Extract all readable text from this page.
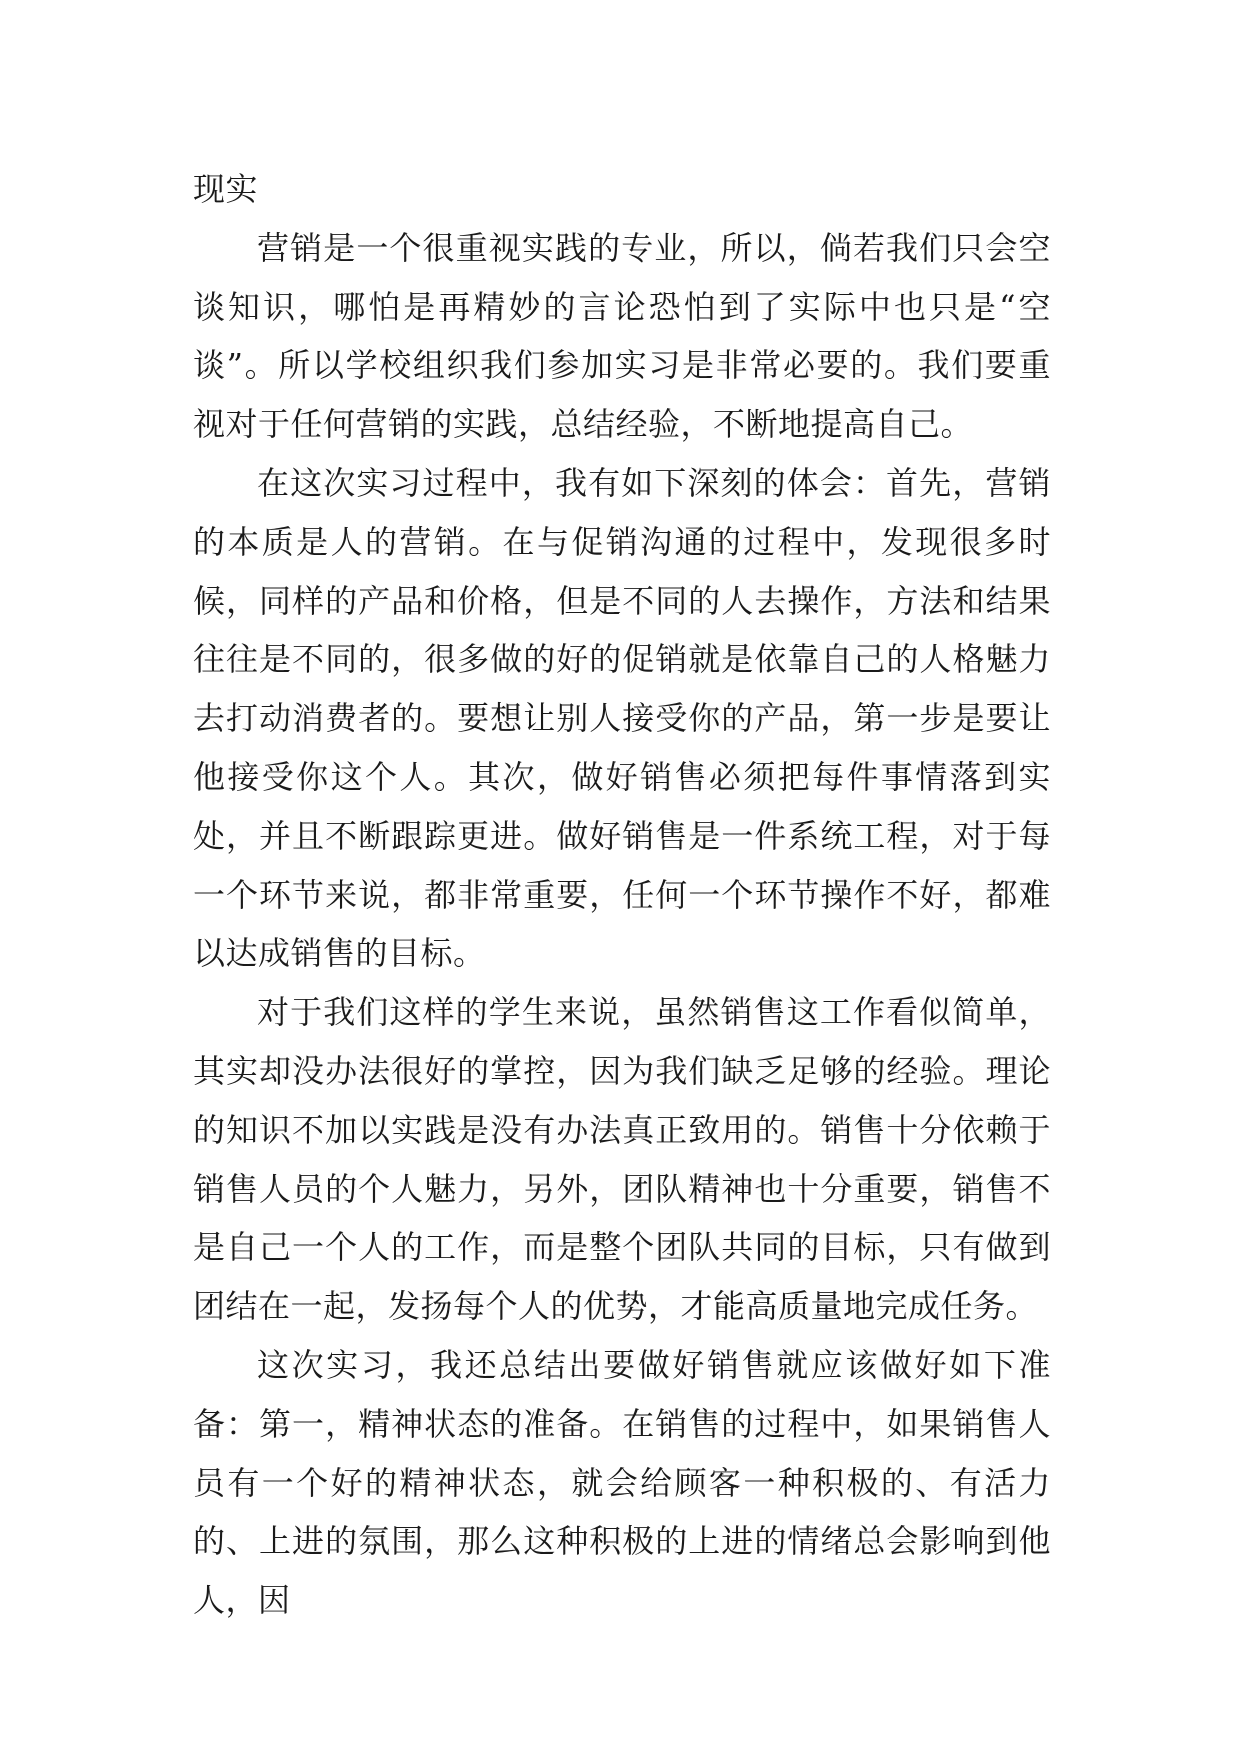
现实

营销是一个很重视实践的专业，所以，倘若我们只会空谈知识，哪怕是再精妙的言论恐怕到了实际中也只是“空谈”。所以学校组织我们参加实习是非常必要的。我们要重视对于任何营销的实践，总结经验，不断地提高自己。

在这次实习过程中，我有如下深刻的体会：首先，营销的本质是人的营销。在与促销沟通的过程中，发现很多时候，同样的产品和价格，但是不同的人去操作，方法和结果往往是不同的，很多做的好的促销就是依靠自己的人格魅力去打动消费者的。要想让别人接受你的产品，第一步是要让他接受你这个人。其次，做好销售必须把每件事情落到实处，并且不断跟踪更进。做好销售是一件系统工程，对于每一个环节来说，都非常重要，任何一个环节操作不好，都难以达成销售的目标。

对于我们这样的学生来说，虽然销售这工作看似简单，其实却没办法很好的掌控，因为我们缺乏足够的经验。理论的知识不加以实践是没有办法真正致用的。销售十分依赖于销售人员的个人魅力，另外，团队精神也十分重要，销售不是自己一个人的工作，而是整个团队共同的目标，只有做到团结在一起，发扬每个人的优势，才能高质量地完成任务。

这次实习，我还总结出要做好销售就应该做好如下准备：第一，精神状态的准备。在销售的过程中，如果销售人员有一个好的精神状态，就会给顾客一种积极的、有活力的、上进的氛围，那么这种积极的上进的情绪总会影响到他人，因
